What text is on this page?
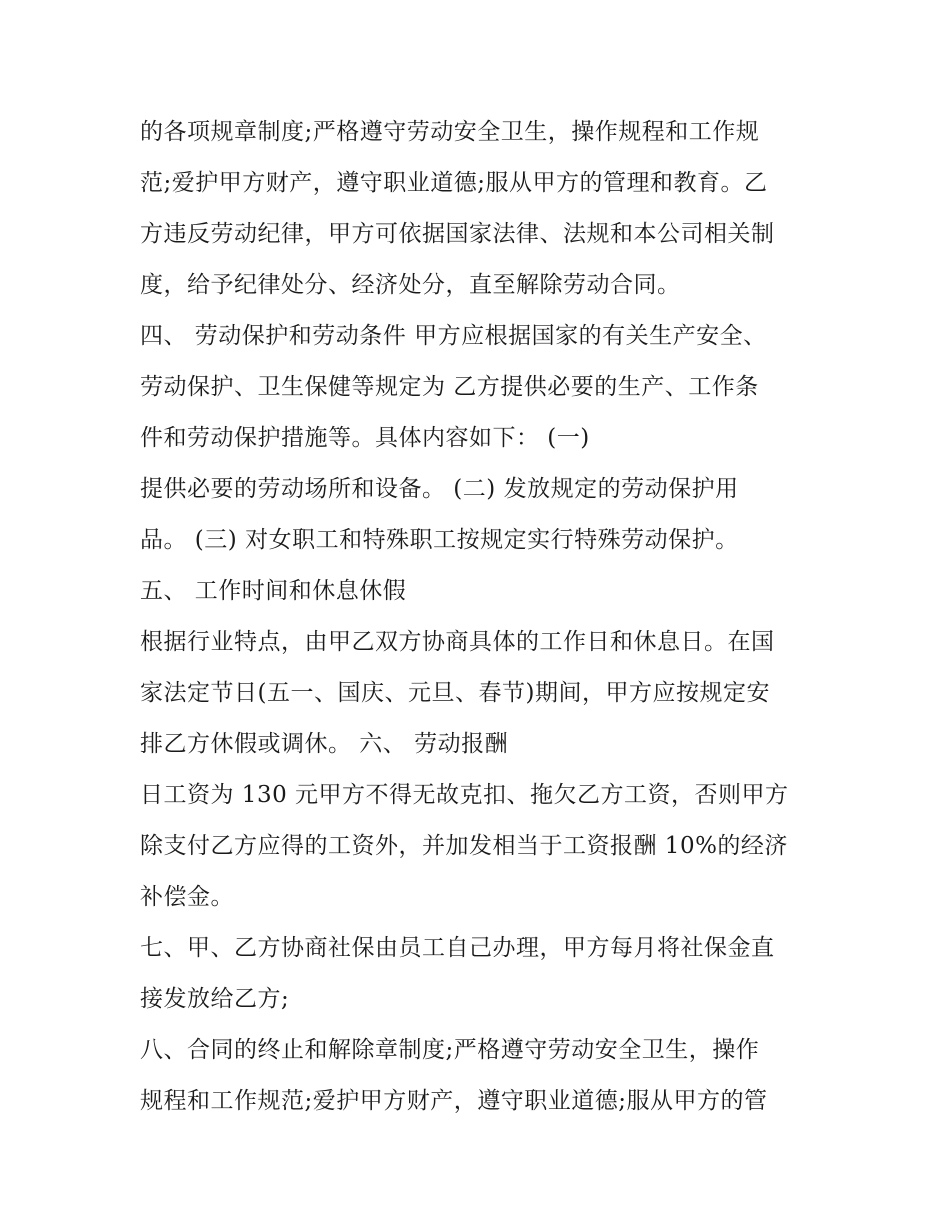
的各项规章制度;严格遵守劳动安全卫生，操作规程和工作规
范;爱护甲方财产，遵守职业道德;服从甲方的管理和教育。乙
方违反劳动纪律，甲方可依据国家法律、法规和本公司相关制
度，给予纪律处分、经济处分，直至解除劳动合同。
四、 劳动保护和劳动条件 甲方应根据国家的有关生产安全、
劳动保护、卫生保健等规定为 乙方提供必要的生产、工作条
件和劳动保护措施等。具体内容如下： (一)
提供必要的劳动场所和设备。 (二) 发放规定的劳动保护用
品。 (三) 对女职工和特殊职工按规定实行特殊劳动保护。
五、 工作时间和休息休假
根据行业特点，由甲乙双方协商具体的工作日和休息日。在国
家法定节日(五一、国庆、元旦、春节)期间，甲方应按规定安
排乙方休假或调休。 六、 劳动报酬
日工资为 130 元甲方不得无故克扣、拖欠乙方工资，否则甲方
除支付乙方应得的工资外，并加发相当于工资报酬 10%的经济
补偿金。
七、甲、乙方协商社保由员工自己办理，甲方每月将社保金直
接发放给乙方;
八、合同的终止和解除章制度;严格遵守劳动安全卫生，操作
规程和工作规范;爱护甲方财产，遵守职业道德;服从甲方的管
